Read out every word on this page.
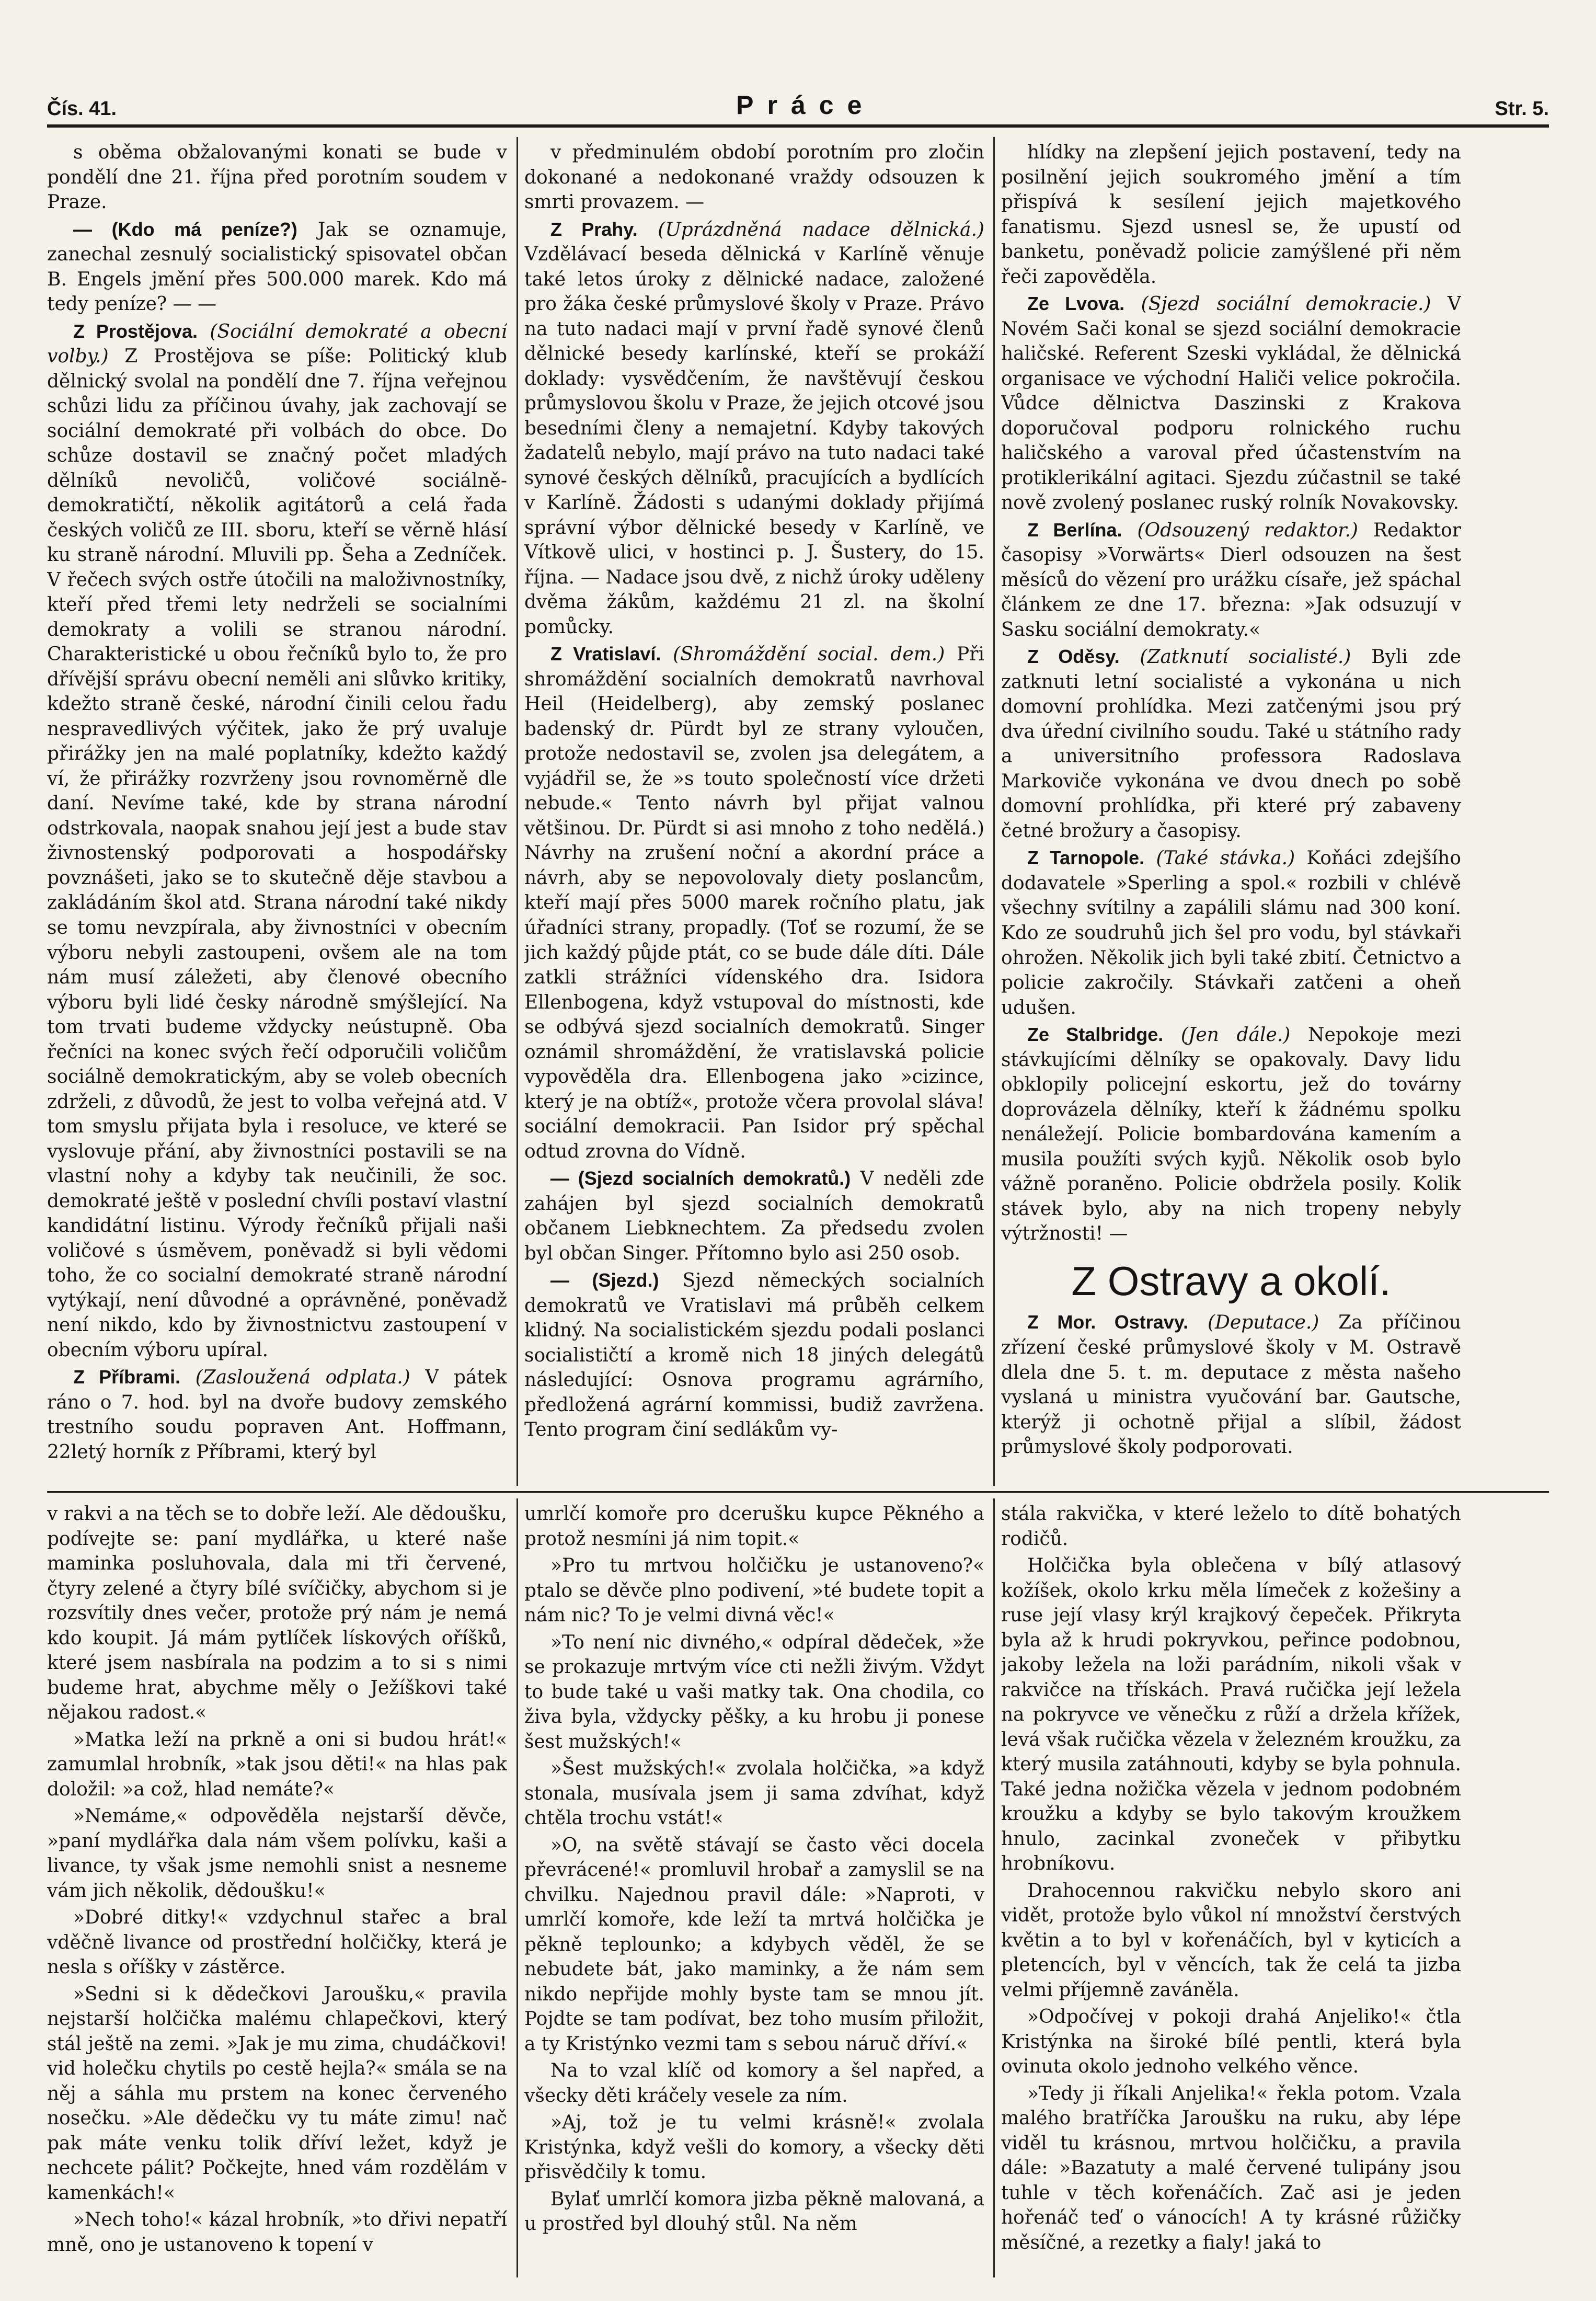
Čís. 41.	Práce	Str. 5.

s oběma obžalovanými konati se bude v pondělí dne 21. října před porotním soudem v Praze.

— (Kdo má peníze?) Jak se oznamuje, zanechal zesnulý socialistický spisovatel občan B. Engels jmění přes 500.000 marek. Kdo má tedy peníze? — —

Z Prostějova. (Sociální demokraté a obecní volby.) Z Prostějova se píše: Politický klub dělnický svolal na pondělí dne 7. října veřejnou schůzi lidu za příčinou úvahy, jak zachovají se sociální demokraté při volbách do obce. Do schůze dostavil se značný počet mladých dělníků nevoličů, voličové sociálně-demokratičtí, několik agitátorů a celá řada českých voličů ze III. sboru, kteří se věrně hlásí ku straně národní. Mluvili pp. Šeha a Zedníček. V řečech svých ostře útočili na maloživnostníky, kteří před třemi lety nedrželi se socialními demokraty a volili se stranou národní. Charakteristické u obou řečníků bylo to, že pro dřívější správu obecní neměli ani slůvko kritiky, kdežto straně české, národní činili celou řadu nespravedlivých výčitek, jako že prý uvaluje přirážky jen na malé poplatníky, kdežto každý ví, že přirážky rozvrženy jsou rovnoměrně dle daní. Nevíme také, kde by strana národní odstrkovala, naopak snahou její jest a bude stav živnostenský podporovati a hospodářsky povznášeti, jako se to skutečně děje stavbou a zakládáním škol atd. Strana národní také nikdy se tomu nevzpírala, aby živnostníci v obecním výboru nebyli zastoupeni, ovšem ale na tom nám musí záležeti, aby členové obecního výboru byli lidé česky národně smýšlející. Na tom trvati budeme vždycky neústupně. Oba řečníci na konec svých řečí odporučili voličům sociálně demokratickým, aby se voleb obecních zdrželi, z důvodů, že jest to volba veřejná atd. V tom smyslu přijata byla i resoluce, ve které se vyslovuje přání, aby živnostníci postavili se na vlastní nohy a kdyby tak neučinili, že soc. demokraté ještě v poslední chvíli postaví vlastní kandidátní listinu. Výrody řečníků přijali naši voličové s úsměvem, poněvadž si byli vědomi toho, že co socialní demokraté straně národní vytýkají, není důvodné a oprávněné, poněvadž není nikdo, kdo by živnostnictvu zastoupení v obecním výboru upíral.

Z Příbrami. (Zasloužená odplata.) V pátek ráno o 7. hod. byl na dvoře budovy zemského trestního soudu popraven Ant. Hoffmann, 22letý horník z Příbrami, který byl

v předminulém období porotním pro zločin dokonané a nedokonané vraždy odsouzen k smrti provazem. —

Z Prahy. (Uprázdněná nadace dělnická.) Vzdělávací beseda dělnická v Karlíně věnuje také letos úroky z dělnické nadace, založené pro žáka české průmyslové školy v Praze. Právo na tuto nadaci mají v první řadě synové členů dělnické besedy karlínské, kteří se prokáží doklady: vysvědčením, že navštěvují českou průmyslovou školu v Praze, že jejich otcové jsou besedními členy a nemajetní. Kdyby takových žadatelů nebylo, mají právo na tuto nadaci také synové českých dělníků, pracujících a bydlících v Karlíně. Žádosti s udanými doklady přijímá správní výbor dělnické besedy v Karlíně, ve Vítkově ulici, v hostinci p. J. Šustery, do 15. října. — Nadace jsou dvě, z nichž úroky uděleny dvěma žákům, každému 21 zl. na školní pomůcky.

Z Vratislaví. (Shromáždění social. dem.) Při shromáždění socialních demokratů navrhoval Heil (Heidelberg), aby zemský poslanec badenský dr. Pürdt byl ze strany vyloučen, protože nedostavil se, zvolen jsa delegátem, a vyjádřil se, že »s touto společností více držeti nebude.« Tento návrh byl přijat valnou většinou. Dr. Pürdt si asi mnoho z toho nedělá.) Návrhy na zrušení noční a akordní práce a návrh, aby se nepovolovaly diety poslancům, kteří mají přes 5000 marek ročního platu, jak úřadníci strany, propadly. (Toť se rozumí, že se jich každý půjde ptát, co se bude dále díti. Dále zatkli strážníci vídenského dra. Isidora Ellenbogena, když vstupoval do místnosti, kde se odbývá sjezd socialních demokratů. Singer oznámil shromáždění, že vratislavská policie vypověděla dra. Ellenbogena jako »cizince, který je na obtíž«, protože včera provolal sláva! sociální demokracii. Pan Isidor prý spěchal odtud zrovna do Vídně.

— (Sjezd socialních demokratů.) V neděli zde zahájen byl sjezd socialních demokratů občanem Liebknechtem. Za předsedu zvolen byl občan Singer. Přítomno bylo asi 250 osob.

— (Sjezd.) Sjezd německých socialních demokratů ve Vratislavi má průběh celkem klidný. Na socialistickém sjezdu podali poslanci socialističtí a kromě nich 18 jiných delegátů následující: Osnova programu agrárního, předložená agrární kommissi, budiž zavržena. Tento program činí sedlákům vy-

hlídky na zlepšení jejich postavení, tedy na posilnění jejich soukromého jmění a tím přispívá k sesílení jejich majetkového fanatismu. Sjezd usnesl se, že upustí od banketu, poněvadž policie zamýšlené při něm řeči zapověděla.

Ze Lvova. (Sjezd sociální demokracie.) V Novém Sači konal se sjezd sociální demokracie haličské. Referent Szeski vykládal, že dělnická organisace ve východní Haliči velice pokročila. Vůdce dělnictva Daszinski z Krakova doporučoval podporu rolnického ruchu haličského a varoval před účastenstvím na protiklerikální agitaci. Sjezdu zúčastnil se také nově zvolený poslanec ruský rolník Novakovsky.

Z Berlína. (Odsouzený redaktor.) Redaktor časopisy »Vorwärts« Dierl odsouzen na šest měsíců do vězení pro urážku císaře, jež spáchal článkem ze dne 17. března: »Jak odsuzují v Sasku sociální demokraty.«

Z Oděsy. (Zatknutí socialisté.) Byli zde zatknuti letní socialisté a vykonána u nich domovní prohlídka. Mezi zatčenými jsou prý dva úřední civilního soudu. Také u státního rady a universitního professora Radoslava Markoviče vykonána ve dvou dnech po sobě domovní prohlídka, při které prý zabaveny četné brožury a časopisy.

Z Tarnopole. (Také stávka.) Koňáci zdejšího dodavatele »Sperling a spol.« rozbili v chlévě všechny svítilny a zapálili slámu nad 300 koní. Kdo ze soudruhů jich šel pro vodu, byl stávkaři ohrožen. Několik jich byli také zbití. Četnictvo a policie zakročily. Stávkaři zatčeni a oheň udušen.

Ze Stalbridge. (Jen dále.) Nepokoje mezi stávkujícími dělníky se opakovaly. Davy lidu obklopily policejní eskortu, jež do továrny doprovázela dělníky, kteří k žádnému spolku nenáležejí. Policie bombardována kamením a musila použíti svých kyjů. Několik osob bylo vážně poraněno. Policie obdržela posily. Kolik stávek bylo, aby na nich tropeny nebyly výtržnosti! —

Z Ostravy a okolí.

Z Mor. Ostravy. (Deputace.) Za příčinou zřízení české průmyslové školy v M. Ostravě dlela dne 5. t. m. deputace z města našeho vyslaná u ministra vyučování bar. Gautsche, kterýž ji ochotně přijal a slíbil, žádost průmyslové školy podporovati.

v rakvi a na těch se to dobře leží. Ale dědoušku, podívejte se: paní mydlářka, u které naše maminka posluhovala, dala mi tři červené, čtyry zelené a čtyry bílé svíčičky, abychom si je rozsvítily dnes večer, protože prý nám je nemá kdo koupit. Já mám pytlíček lískových oříšků, které jsem nasbírala na podzim a to si s nimi budeme hrat, abychme měly o Ježíškovi také nějakou radost.«

»Matka leží na prkně a oni si budou hrát!« zamumlal hrobník, »tak jsou děti!« na hlas pak doložil: »a což, hlad nemáte?«

»Nemáme,« odpověděla nejstarší děvče, »paní mydlářka dala nám všem polívku, kaši a livance, ty však jsme nemohli snist a nesneme vám jich několik, dědoušku!«

»Dobré ditky!« vzdychnul stařec a bral vděčně livance od prostřední holčičky, která je nesla s oříšky v zástěrce.

»Sedni si k dědečkovi Jaroušku,« pravila nejstarší holčička malému chlapečkovi, který stál ještě na zemi. »Jak je mu zima, chudáčkovi! vid holečku chytils po cestě hejla?« smála se na něj a sáhla mu prstem na konec červeného nosečku. »Ale dědečku vy tu máte zimu! nač pak máte venku tolik dříví ležet, když je nechcete pálit? Počkejte, hned vám rozdělám v kamenkách!«

»Nech toho!« kázal hrobník, »to dřivi nepatří mně, ono je ustanoveno k topení v

umrlčí komoře pro dcerušku kupce Pěkného a protož nesmíni já nim topit.«

»Pro tu mrtvou holčičku je ustanoveno?« ptalo se děvče plno podivení, »té budete topit a nám nic? To je velmi divná věc!«

»To není nic divného,« odpíral dědeček, »že se prokazuje mrtvým více cti nežli živým. Vždyt to bude také u vaši matky tak. Ona chodila, co živa byla, vždycky pěšky, a ku hrobu ji ponese šest mužských!«

»Šest mužských!« zvolala holčička, »a když stonala, musívala jsem ji sama zdvíhat, když chtěla trochu vstát!«

»O, na světě stávají se často věci docela převrácené!« promluvil hrobař a zamyslil se na chvilku. Najednou pravil dále: »Naproti, v umrlčí komoře, kde leží ta mrtvá holčička je pěkně teplounko; a kdybych věděl, že se nebudete bát, jako maminky, a že nám sem nikdo nepřijde mohly byste tam se mnou jít. Pojdte se tam podívat, bez toho musím přiložit, a ty Kristýnko vezmi tam s sebou náruč dříví.«

Na to vzal klíč od komory a šel napřed, a všecky děti kráčely vesele za ním.

»Aj, tož je tu velmi krásně!« zvolala Kristýnka, když vešli do komory, a všecky děti přisvědčily k tomu.

Bylať umrlčí komora jizba pěkně malovaná, a u prostřed byl dlouhý stůl. Na něm

stála rakvička, v které leželo to dítě bohatých rodičů.

Holčička byla oblečena v bílý atlasový kožíšek, okolo krku měla límeček z kožešiny a ruse její vlasy krýl krajkový čepeček. Přikryta byla až k hrudi pokryvkou, peřince podobnou, jakoby ležela na loži parádním, nikoli však v rakvičce na třískách. Pravá ručička její ležela na pokryvce ve věnečku z růží a držela křížek, levá však ručička vězela v železném kroužku, za který musila zatáhnouti, kdyby se byla pohnula. Také jedna nožička vězela v jednom podobném kroužku a kdyby se bylo takovým kroužkem hnulo, zacinkal zvoneček v přibytku hrobníkovu.

Drahocennou rakvičku nebylo skoro ani vidět, protože bylo vůkol ní množství čerstvých květin a to byl v kořenáčích, byl v kyticích a pletencích, byl v věncích, tak že celá ta jizba velmi příjemně zaváněla.

»Odpočívej v pokoji drahá Anjeliko!« čtla Kristýnka na široké bílé pentli, která byla ovinuta okolo jednoho velkého věnce.

»Tedy ji říkali Anjelika!« řekla potom. Vzala malého bratříčka Jaroušku na ruku, aby lépe viděl tu krásnou, mrtvou holčičku, a pravila dále: »Bazatuty a malé červené tulipány jsou tuhle v těch kořenáčích. Zač asi je jeden hořenáč teď o vánocích! A ty krásné růžičky měsíčné, a rezetky a fialy! jaká to
